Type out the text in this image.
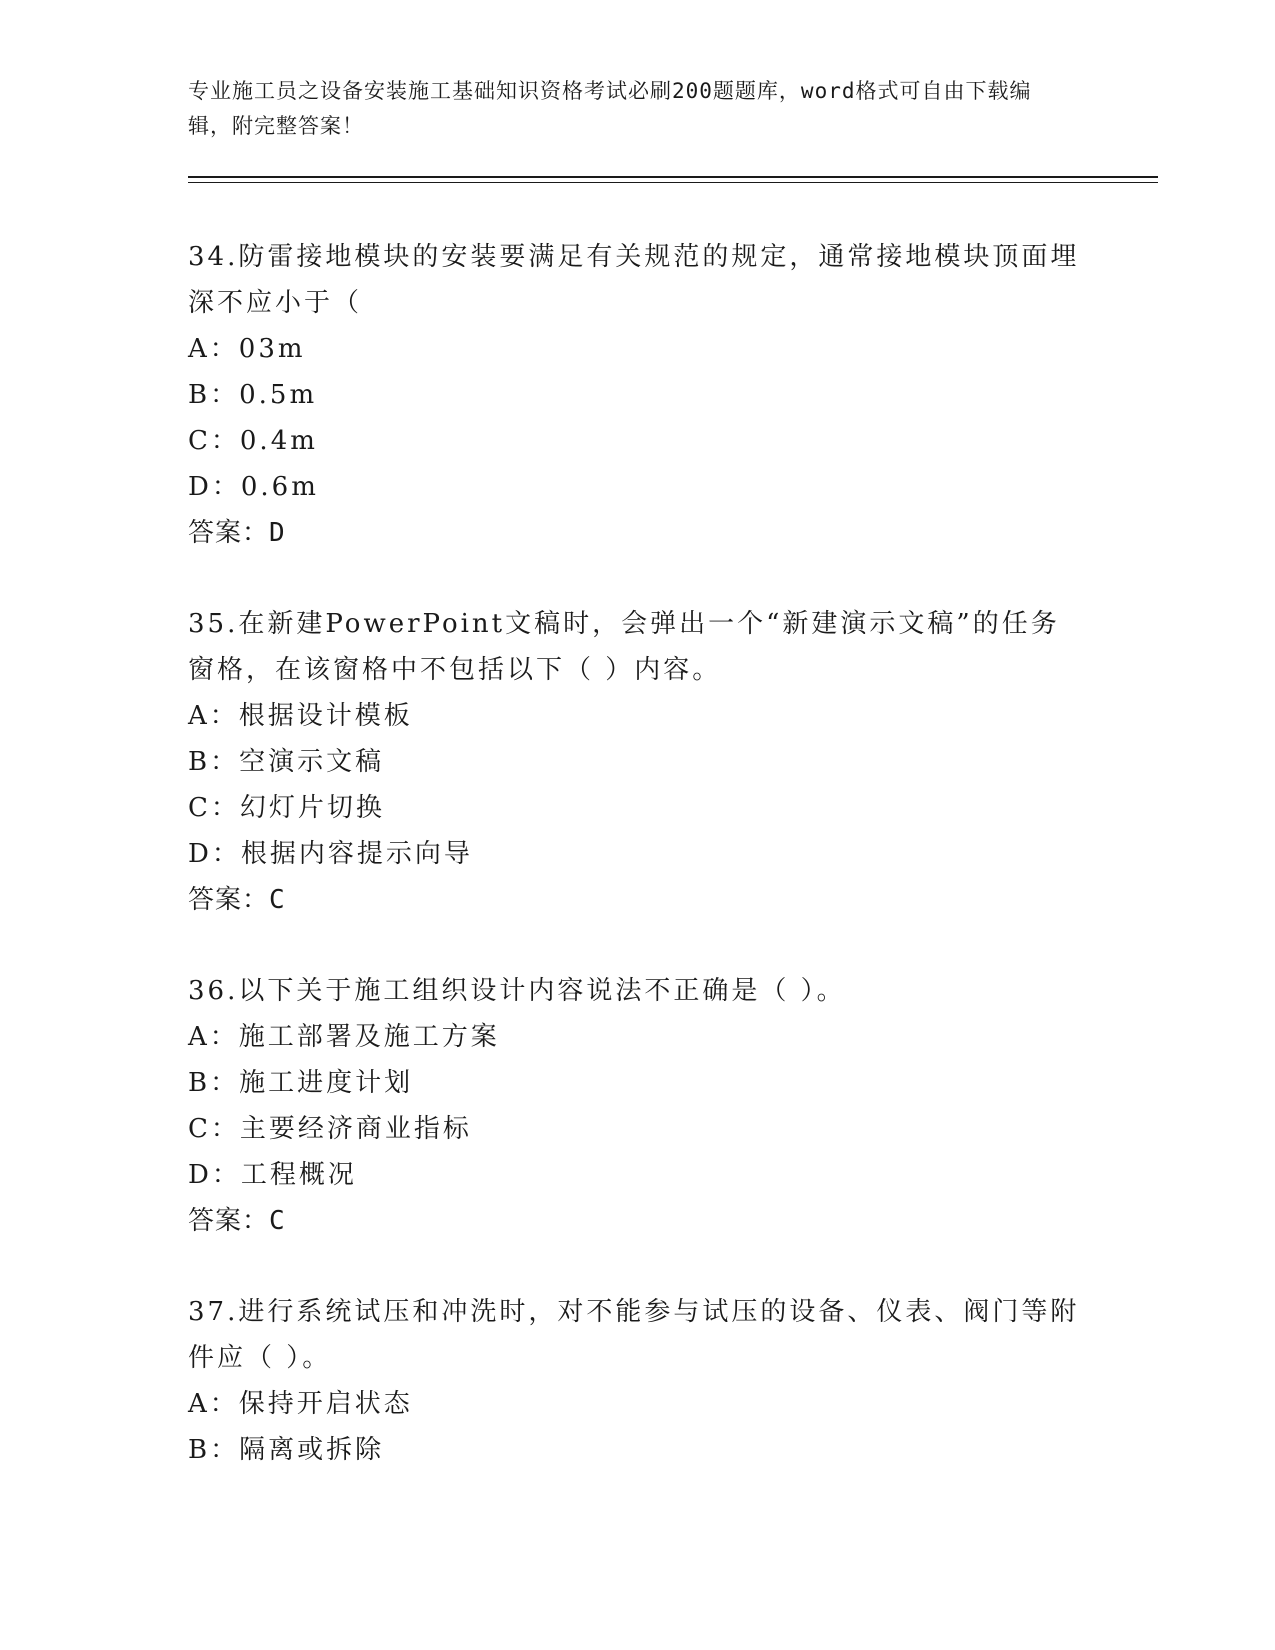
专业施工员之设备安装施工基础知识资格考试必刷200题题库，word格式可自由下载编辑，附完整答案！
34.防雷接地模块的安装要满足有关规范的规定，通常接地模块顶面埋深不应小于（
A：03m
B：0.5m
C：0.4m
D：0.6m
答案：D
35.在新建PowerPoint文稿时，会弹出一个“新建演示文稿”的任务窗格，在该窗格中不包括以下（ ）内容。
A：根据设计模板
B：空演示文稿
C：幻灯片切换
D：根据内容提示向导
答案：C
36.以下关于施工组织设计内容说法不正确是（ ）。
A：施工部署及施工方案
B：施工进度计划
C：主要经济商业指标
D：工程概况
答案：C
37.进行系统试压和冲洗时，对不能参与试压的设备、仪表、阀门等附件应（ ）。
A：保持开启状态
B：隔离或拆除
